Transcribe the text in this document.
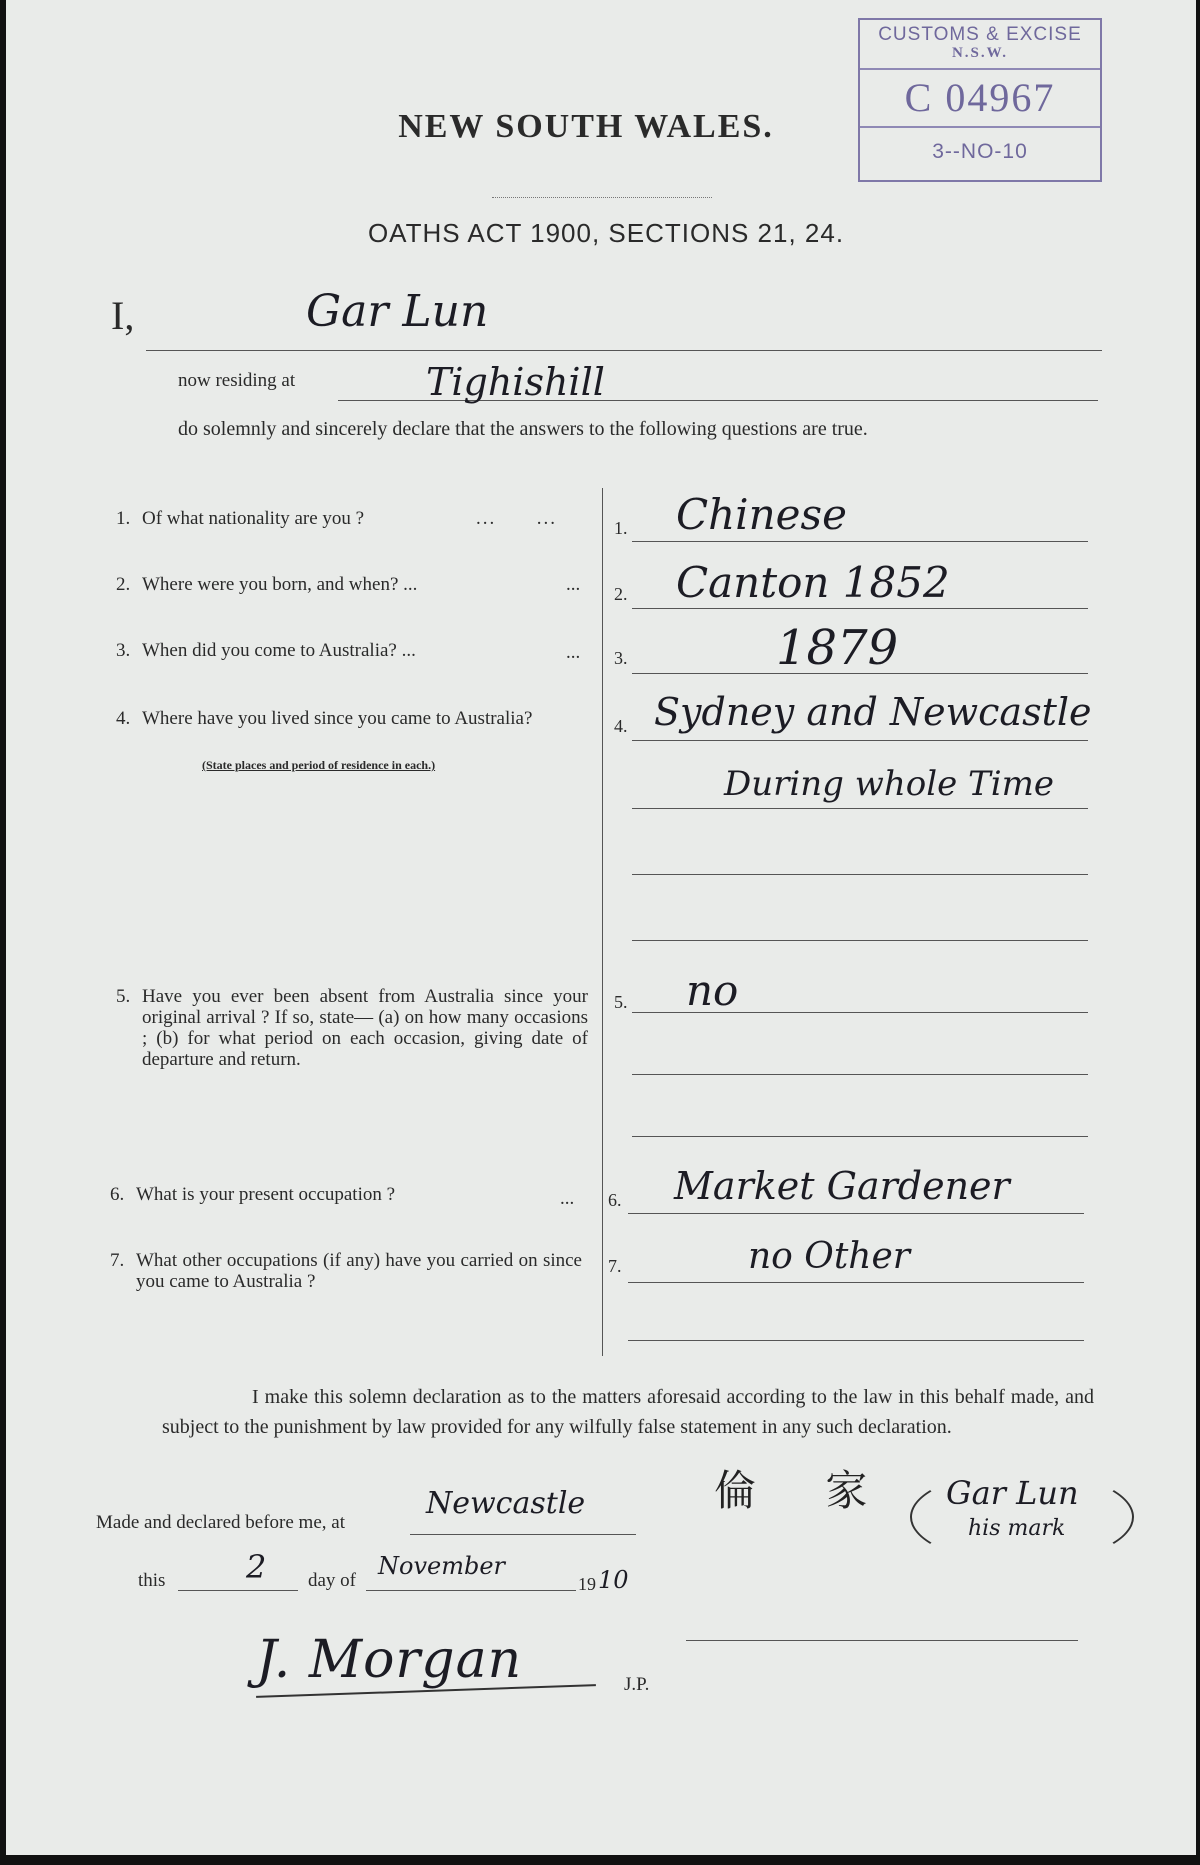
CUSTOMS & EXCISE
N.S.W.
C 04967
3--NO-10
NEW SOUTH WALES.
OATHS ACT 1900, SECTIONS 21, 24.
I,	Gar Lun
now residing at	Tighishill
do solemnly and sincerely declare that the answers to the following questions are true.
1. Of what nationality are you ?	...      ...	1. Chinese
2. Where were you born, and when? ...	... 2. Canton 1852
3. When did you come to Australia? ...	... 3.	1879
4. Where have you lived since you came to Australia?
(State places and period of residence in each.)
4. Sydney and Newcastle
During whole Time
5. Have you ever been absent from Australia since your original arrival ? If so, state— (a) on how many occasions ; (b) for what period on each occasion, giving date of departure and return.
5. no
6. What is your present occupation ?	... 6. Market Gardener
7. What other occupations (if any) have you carried on since you came to Australia ?
7.	no Other
I make this solemn declaration as to the matters aforesaid according to the law in this behalf made, and subject to the punishment by law provided for any wilfully false statement in any such declaration.
Made and declared before me, at
Newcastle
this	2 day of
November
19 10
倫 家 Gar Lun
his mark
J. Morgan	J.P.
